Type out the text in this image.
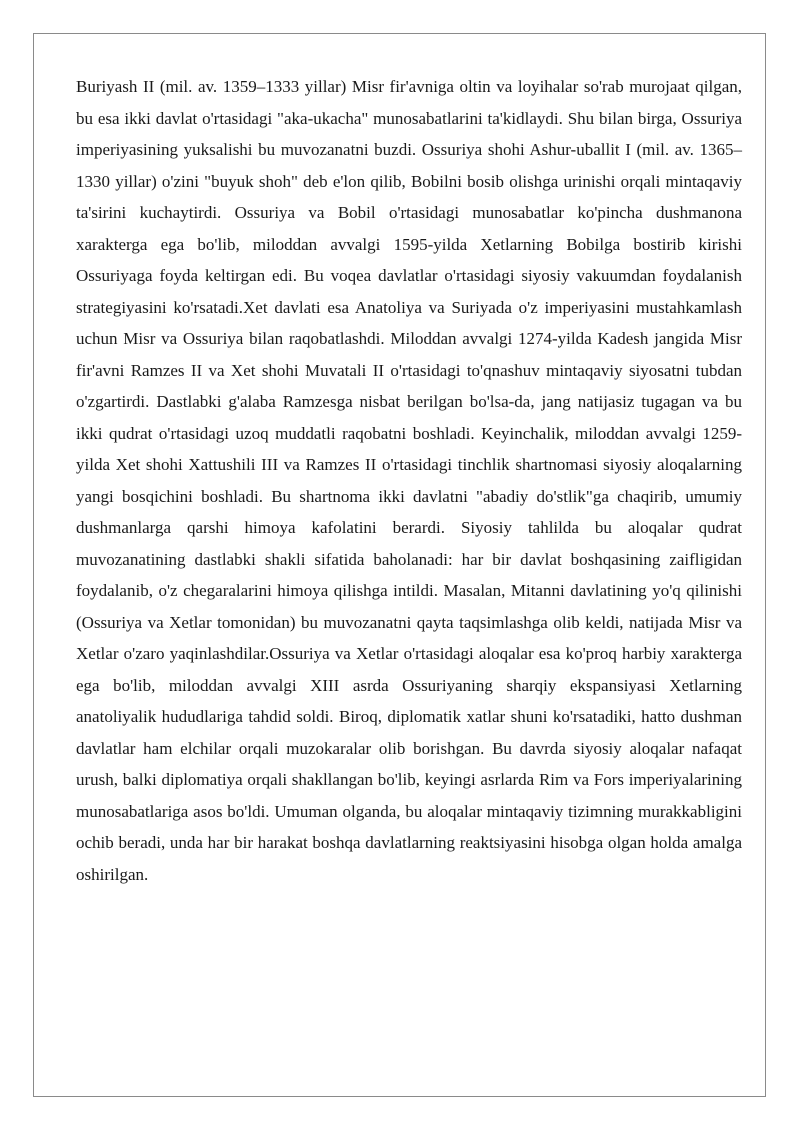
Buriyash II (mil. av. 1359–1333 yillar) Misr fir'avniga oltin va loyihalar so'rab murojaat qilgan, bu esa ikki davlat o'rtasidagi "aka-ukacha" munosabatlarini ta'kidlaydi. Shu bilan birga, Ossuriya imperiyasining yuksalishi bu muvozanatni buzdi. Ossuriya shohi Ashur-uballit I (mil. av. 1365–1330 yillar) o'zini "buyuk shoh" deb e'lon qilib, Bobilni bosib olishga urinishi orqali mintaqaviy ta'sirini kuchaytirdi. Ossuriya va Bobil o'rtasidagi munosabatlar ko'pincha dushmanona xarakterga ega bo'lib, miloddan avvalgi 1595-yilda Xetlarning Bobilga bostirib kirishi Ossuriyaga foyda keltirgan edi. Bu voqea davlatlar o'rtasidagi siyosiy vakuumdan foydalanish strategiyasini ko'rsatadi.Xet davlati esa Anatoliya va Suriyada o'z imperiyasini mustahkamlash uchun Misr va Ossuriya bilan raqobatlashdi. Miloddan avvalgi 1274-yilda Kadesh jangida Misr fir'avni Ramzes II va Xet shohi Muvatali II o'rtasidagi to'qnashuv mintaqaviy siyosatni tubdan o'zgartirdi. Dastlabki g'alaba Ramzesga nisbat berilgan bo'lsa-da, jang natijasiz tugagan va bu ikki qudrat o'rtasidagi uzoq muddatli raqobatni boshladi. Keyinchalik, miloddan avvalgi 1259-yilda Xet shohi Xattushili III va Ramzes II o'rtasidagi tinchlik shartnomasi siyosiy aloqalarning yangi bosqichini boshladi. Bu shartnoma ikki davlatni "abadiy do'stlik"ga chaqirib, umumiy dushmanlarga qarshi himoya kafolatini berardi. Siyosiy tahlilda bu aloqalar qudrat muvozanatining dastlabki shakli sifatida baholanadi: har bir davlat boshqasining zaifligidan foydalanib, o'z chegaralarini himoya qilishga intildi. Masalan, Mitanni davlatining yo'q qilinishi (Ossuriya va Xetlar tomonidan) bu muvozanatni qayta taqsimlashga olib keldi, natijada Misr va Xetlar o'zaro yaqinlashdilar.Ossuriya va Xetlar o'rtasidagi aloqalar esa ko'proq harbiy xarakterga ega bo'lib, miloddan avvalgi XIII asrda Ossuriyaning sharqiy ekspansiyasi Xetlarning anatoliyalik hududlariga tahdid soldi. Biroq, diplomatik xatlar shuni ko'rsatadiki, hatto dushman davlatlar ham elchilar orqali muzokaralar olib borishgan. Bu davrda siyosiy aloqalar nafaqat urush, balki diplomatiya orqali shakllangan bo'lib, keyingi asrlarda Rim va Fors imperiyalarining munosabatlariga asos bo'ldi. Umuman olganda, bu aloqalar mintaqaviy tizimning murakkabligini ochib beradi, unda har bir harakat boshqa davlatlarning reaktsiyasini hisobga olgan holda amalga oshirilgan.
